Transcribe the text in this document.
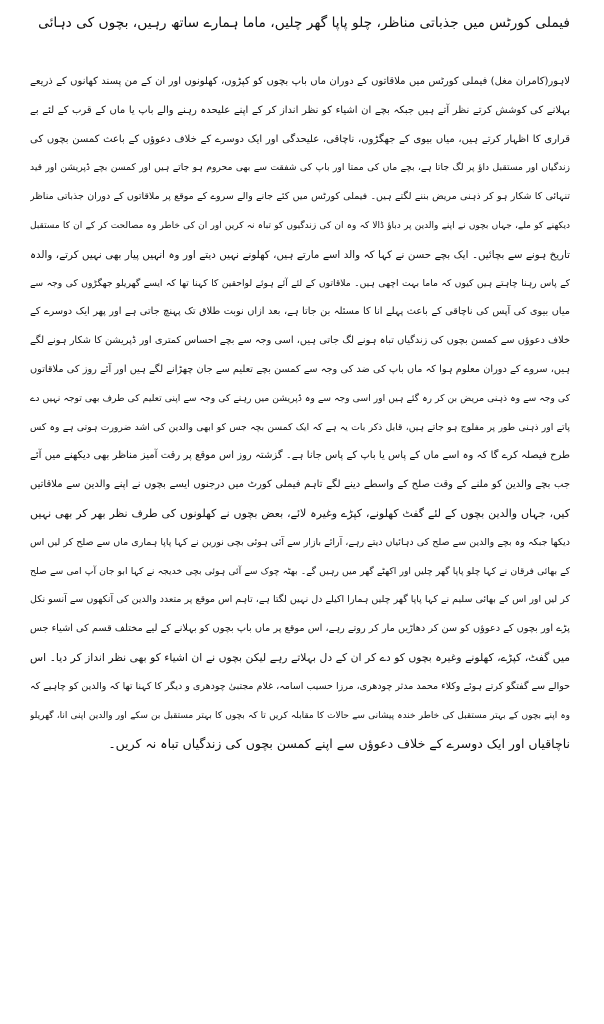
فیملی کورٹس میں جذباتی مناظر، چلو پاپا گھر چلیں، ماما ہمارے ساتھ رہیں، بچوں کی دہائی
لاہور(کامران مغل) فیملی کورٹس میں ملاقاتوں کے دوران ماں باپ بچوں کو کپڑوں، کھلونوں اور ان کے من پسند کھانوں کے ذریعے
بہلانے کی کوشش کرتے نظر آتے ہیں جبکہ بچے ان اشیاء کو نظر انداز کر کے اپنے علیحدہ رہنے والے باپ یا ماں کے قرب کے لئے بے
قراری کا اظہار کرتے ہیں، میاں بیوی کے جھگڑوں، ناچاقی، علیحدگی اور ایک دوسرے کے خلاف دعوؤں کے باعث کمسن بچوں کی
زندگیاں اور مستقبل داؤ پر لگ جاتا ہے، بچے ماں کی ممتا اور باپ کی شفقت سے بھی محروم ہو جاتے ہیں اور کمسن بچے ڈپریشن اور قید
تنہائی کا شکار ہو کر ذہنی مریض بننے لگتے ہیں۔ فیملی کورٹس میں کئے جانے والے سروے کے موقع پر ملاقاتوں کے دوران جذباتی مناظر
دیکھنے کو ملے، جہاں بچوں نے اپنے والدین پر دباؤ ڈالا کہ وہ ان کی زندگیوں کو تباہ نہ کریں اور ان کی خاطر وہ مصالحت کر کے ان کا مستقبل
تاریخ ہونے سے بچائیں۔ ایک بچے حسن نے کہا کہ والد اسے مارتے ہیں، کھلونے نہیں دیتے اور وہ انہیں پیار بھی نہیں کرتے، والدہ
کے پاس رہنا چاہتے ہیں کیوں کہ ماما بہت اچھی ہیں۔ ملاقاتوں کے لئے آئے ہوئے لواحقین کا کہنا تھا کہ ایسے گھریلو جھگڑوں کی وجہ سے
میاں بیوی کی آپس کی ناچاقی کے باعث پہلے انا کا مسئلہ بن جاتا ہے، بعد ازاں نوبت طلاق تک پہنچ جاتی ہے اور پھر ایک دوسرے کے
خلاف دعوؤں سے کمسن بچوں کی زندگیاں تباہ ہونے لگ جاتی ہیں، اسی وجہ سے بچے احساس کمتری اور ڈپریشن کا شکار ہونے لگے
ہیں، سروے کے دوران معلوم ہوا کہ ماں باپ کی ضد کی وجہ سے کمسن بچے تعلیم سے جان چھڑانے لگے ہیں اور آئے روز کی ملاقاتوں
کی وجہ سے وہ ذہنی مریض بن کر رہ گئے ہیں اور اسی وجہ سے وہ ڈپریشن میں رہنے کی وجہ سے اپنی تعلیم کی طرف بھی توجہ نہیں دے
پاتے اور ذہنی طور پر مفلوج ہو جاتے ہیں، قابل ذکر بات یہ ہے کہ ایک کمسن بچہ جس کو ابھی والدین کی اشد ضرورت ہوتی ہے وہ کس
طرح فیصلہ کرے گا کہ وہ اسے ماں کے پاس یا باپ کے پاس جانا ہے۔ گزشتہ روز اس موقع پر رقت آمیز مناظر بھی دیکھنے میں آئے
جب بچے والدین کو ملنے کے وقت صلح کے واسطے دینے لگے تاہم فیملی کورٹ میں درجنوں ایسے بچوں نے اپنے والدین سے ملاقاتیں
کیں، جہاں والدین بچوں کے لئے گفٹ کھلونے، کپڑے وغیرہ لائے، بعض بچوں نے کھلونوں کی طرف نظر بھر کر بھی نہیں
دیکھا جبکہ وہ بچے والدین سے صلح کی دہائیاں دیتے رہے، آرائے بازار سے آئی ہوئی بچی نورین نے کہا پاپا ہماری ماں سے صلح کر لیں اس
کے بھائی فرقان نے کہا چلو پاپا گھر چلیں اور اکھٹے گھر میں رہیں گے۔ بھٹہ چوک سے آئی ہوئی بچی خدیجہ نے کہا ابو جان آپ امی سے صلح
کر لیں اور اس کے بھائی سلیم نے کہا پاپا گھر چلیں ہمارا اکیلے دل نہیں لگتا ہے، تاہم اس موقع پر متعدد والدین کی آنکھوں سے آنسو نکل
پڑے اور بچوں کے دعوؤں کو سن کر دھاڑیں مار کر روتے رہے، اس موقع پر ماں باپ بچوں کو بہلانے کے لیے مختلف قسم کی اشیاء جس
میں گفٹ، کپڑے، کھلونے وغیرہ بچوں کو دے کر ان کے دل بہلاتے رہے لیکن بچوں نے ان اشیاء کو بھی نظر انداز کر دیا۔ اس
حوالے سے گفتگو کرتے ہوئے وکلاء محمد مدثر چودھری، مرزا حسیب اسامہ، غلام مجتبیٰ چودھری و دیگر کا کہنا تھا کہ والدین کو چاہیے کہ
وہ اپنے بچوں کے بہتر مستقبل کی خاطر خندہ پیشانی سے حالات کا مقابلہ کریں تا کہ بچوں کا بہتر مستقبل بن سکے اور والدین اپنی انا، گھریلو
ناچاقیاں اور ایک دوسرے کے خلاف دعوؤں سے اپنے کمسن بچوں کی زندگیاں تباہ نہ کریں۔
